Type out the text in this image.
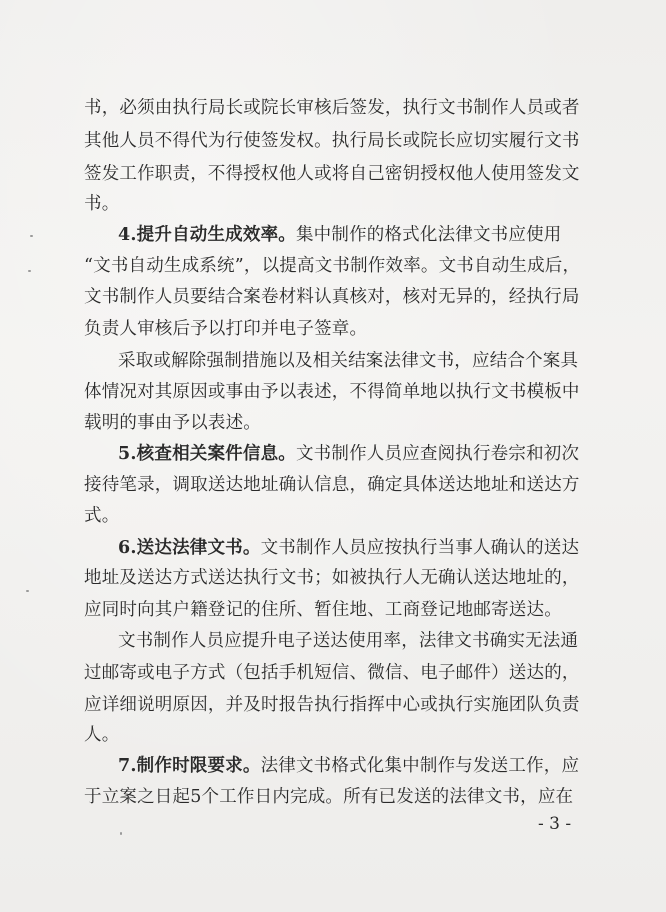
书，必须由执行局长或院长审核后签发，执行文书制作人员或者
其他人员不得代为行使签发权。执行局长或院长应切实履行文书
签发工作职责，不得授权他人或将自己密钥授权他人使用签发文
书。
4.提升自动生成效率。集中制作的格式化法律文书应使用
“文书自动生成系统”，以提高文书制作效率。文书自动生成后，
文书制作人员要结合案卷材料认真核对，核对无异的，经执行局
负责人审核后予以打印并电子签章。
采取或解除强制措施以及相关结案法律文书，应结合个案具
体情况对其原因或事由予以表述，不得简单地以执行文书模板中
载明的事由予以表述。
5.核查相关案件信息。文书制作人员应查阅执行卷宗和初次
接待笔录，调取送达地址确认信息，确定具体送达地址和送达方
式。
6.送达法律文书。文书制作人员应按执行当事人确认的送达
地址及送达方式送达执行文书；如被执行人无确认送达地址的，
应同时向其户籍登记的住所、暂住地、工商登记地邮寄送达。
文书制作人员应提升电子送达使用率，法律文书确实无法通
过邮寄或电子方式（包括手机短信、微信、电子邮件）送达的，
应详细说明原因，并及时报告执行指挥中心或执行实施团队负责
人。
7.制作时限要求。法律文书格式化集中制作与发送工作，应
于立案之日起5个工作日内完成。所有已发送的法律文书，应在
- 3 -
